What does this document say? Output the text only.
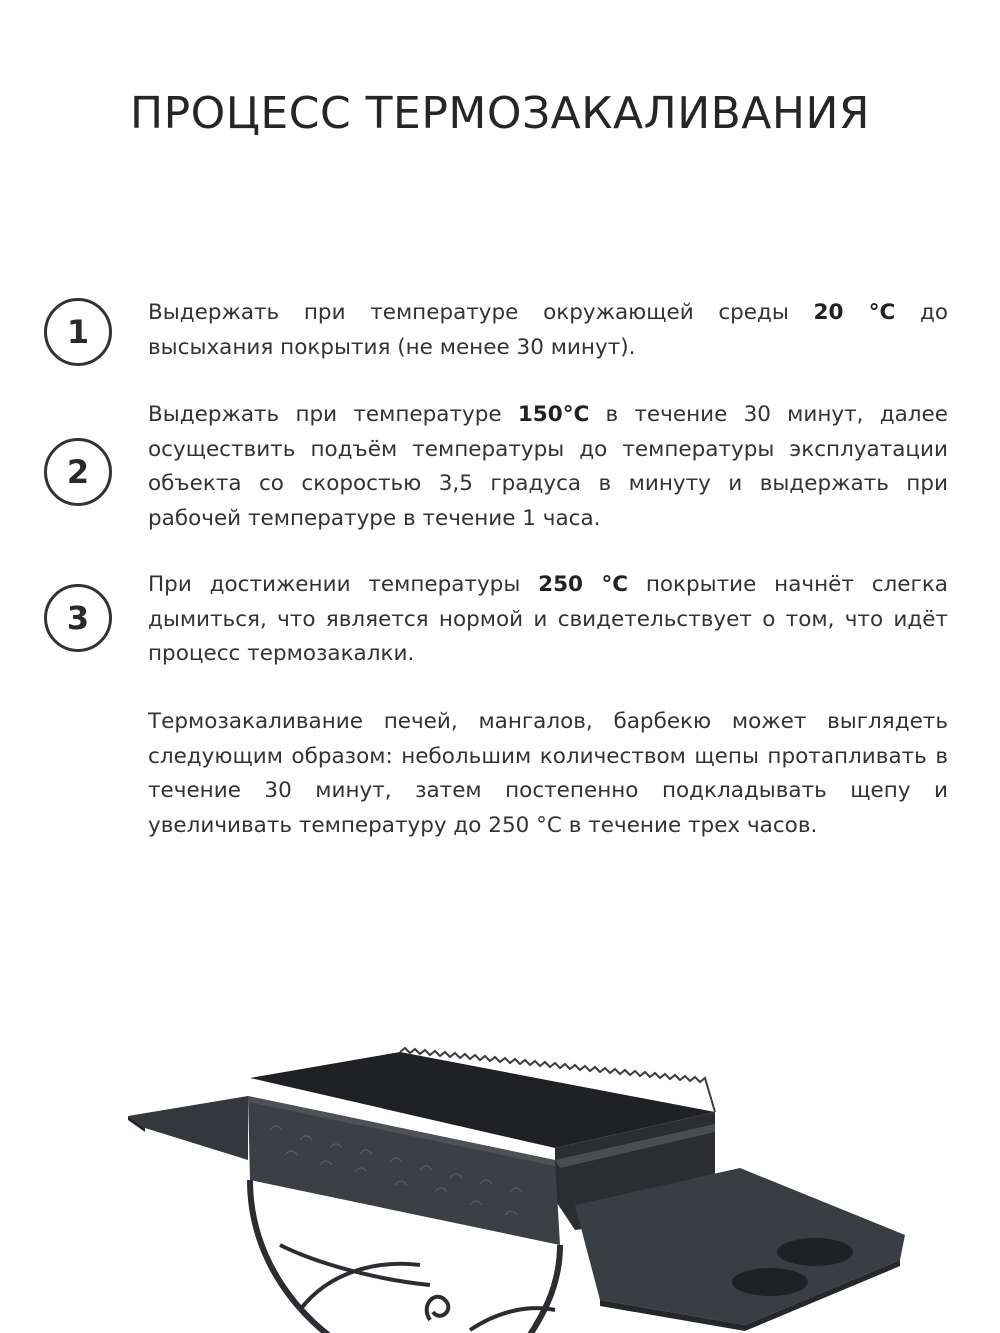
ПРОЦЕСС ТЕРМОЗАКАЛИВАНИЯ
1

Выдержать при температуре окружающей среды 20 °С до высыхания покрытия (не менее 30 минут).

2

Выдержать при температуре 150°С в течение 30 минут, далее осуществить подъём температуры до температуры эксплуатации объекта со скоростью 3,5 градуса в минуту и выдержать при рабочей температуре в течение 1 часа.

3

При достижении температуры 250 °С покрытие начнёт слегка дымиться, что является нормой и свидетельствует о том, что идёт процесс термозакалки.

Термозакаливание печей, мангалов, барбекю может выглядеть следующим образом: небольшим количеством щепы протапливать в течение 30 минут, затем постепенно подкладывать щепу и увеличивать температуру до 250 °С в течение трех часов.
